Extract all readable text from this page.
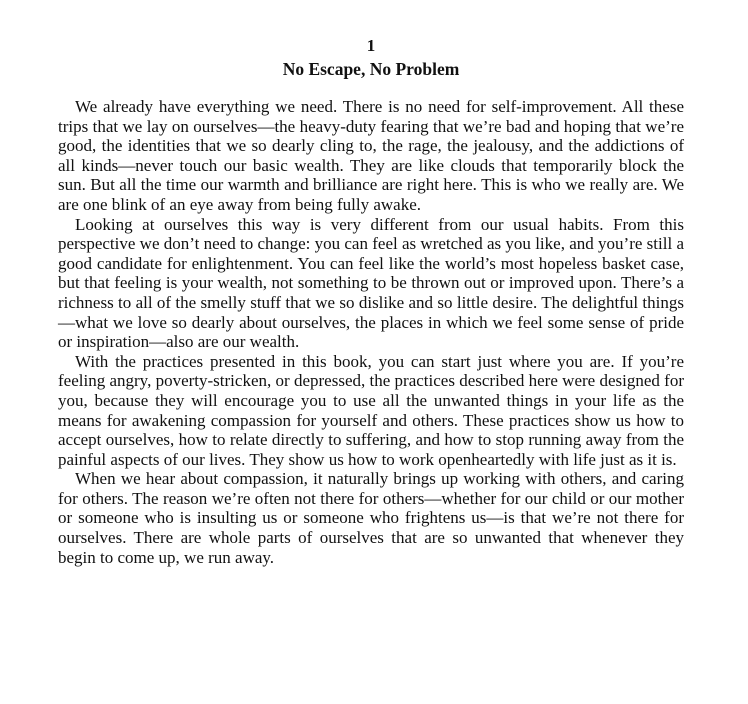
1
No Escape, No Problem

We already have everything we need. There is no need for self-improvement. All these trips that we lay on ourselves—the heavy-duty fearing that we’re bad and hoping that we’re good, the identities that we so dearly cling to, the rage, the jealousy, and the addictions of all kinds—never touch our basic wealth. They are like clouds that temporarily block the sun. But all the time our warmth and brilliance are right here. This is who we really are. We are one blink of an eye away from being fully awake.

Looking at ourselves this way is very different from our usual habits. From this perspective we don’t need to change: you can feel as wretched as you like, and you’re still a good candidate for enlightenment. You can feel like the world’s most hopeless basket case, but that feeling is your wealth, not something to be thrown out or improved upon. There’s a richness to all of the smelly stuff that we so dislike and so little desire. The delightful things—what we love so dearly about ourselves, the places in which we feel some sense of pride or inspiration—also are our wealth.

With the practices presented in this book, you can start just where you are. If you’re feeling angry, poverty-stricken, or depressed, the practices described here were designed for you, because they will encourage you to use all the unwanted things in your life as the means for awakening compassion for yourself and others. These practices show us how to accept ourselves, how to relate directly to suffering, and how to stop running away from the painful aspects of our lives. They show us how to work openheartedly with life just as it is.

When we hear about compassion, it naturally brings up working with others, and caring for others. The reason we’re often not there for others—whether for our child or our mother or someone who is insulting us or someone who frightens us—is that we’re not there for ourselves. There are whole parts of ourselves that are so unwanted that whenever they begin to come up, we run away.
